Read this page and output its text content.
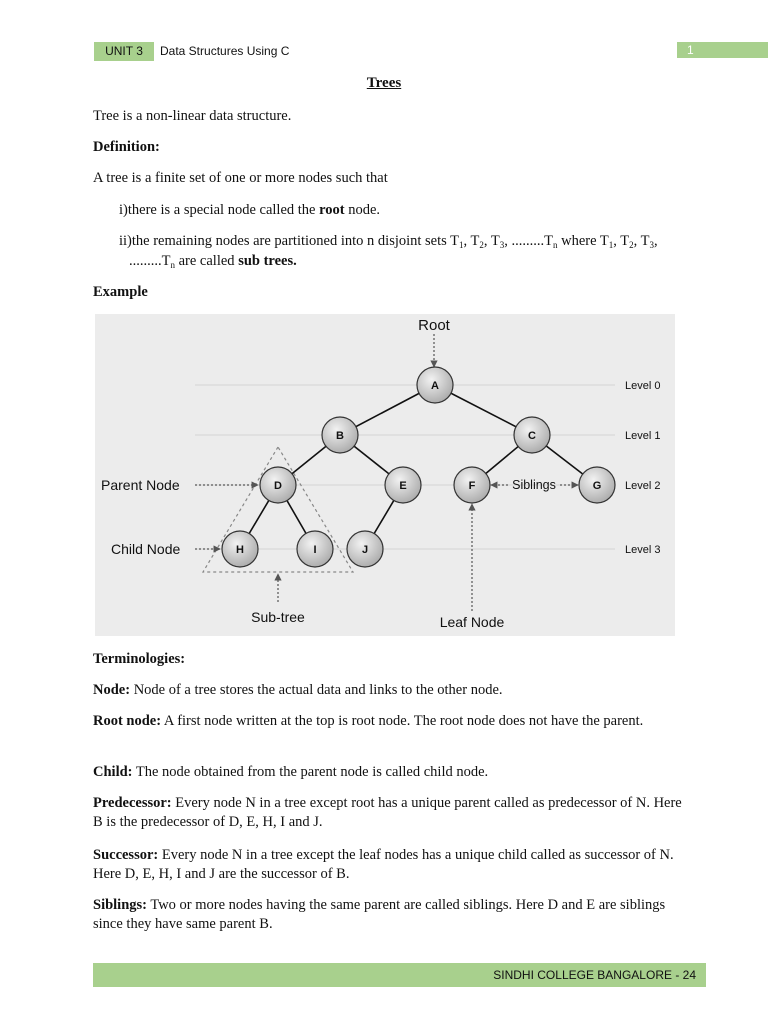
UNIT 3	Data Structures Using C	1
Trees
Tree is a non-linear data structure.
Definition:
A tree is a finite set of one or more nodes such that
i)there is a special node called the root node.
ii)the remaining nodes are partitioned into n disjoint sets $T_1$, $T_2$, $T_3$, $.........T_n$ where $T_1$, $T_2$, $T_3$, $.........T_n$ are called sub trees.
Example
A
B	C
D	E	F	G
H	I	J
Root
Parent Node
Child Node
Siblings
Sub-tree	Leaf Node
Level 0
Level 1
Level 2
Level 3
Terminologies:
Node: Node of a tree stores the actual data and links to the other node.
Root node: A first node written at the top is root node. The root node does not have the parent.
Child: The node obtained from the parent node is called child node.
Predecessor: Every node N in a tree except root has a unique parent called as predecessor of N. Here B is the predecessor of D, E, H, I and J.
Successor: Every node N in a tree except the leaf nodes has a unique child called as successor of N. Here D, E, H, I and J are the successor of B.
Siblings: Two or more nodes having the same parent are called siblings. Here D and E are siblings since they have same parent B.
SINDHI COLLEGE BANGALORE - 24
